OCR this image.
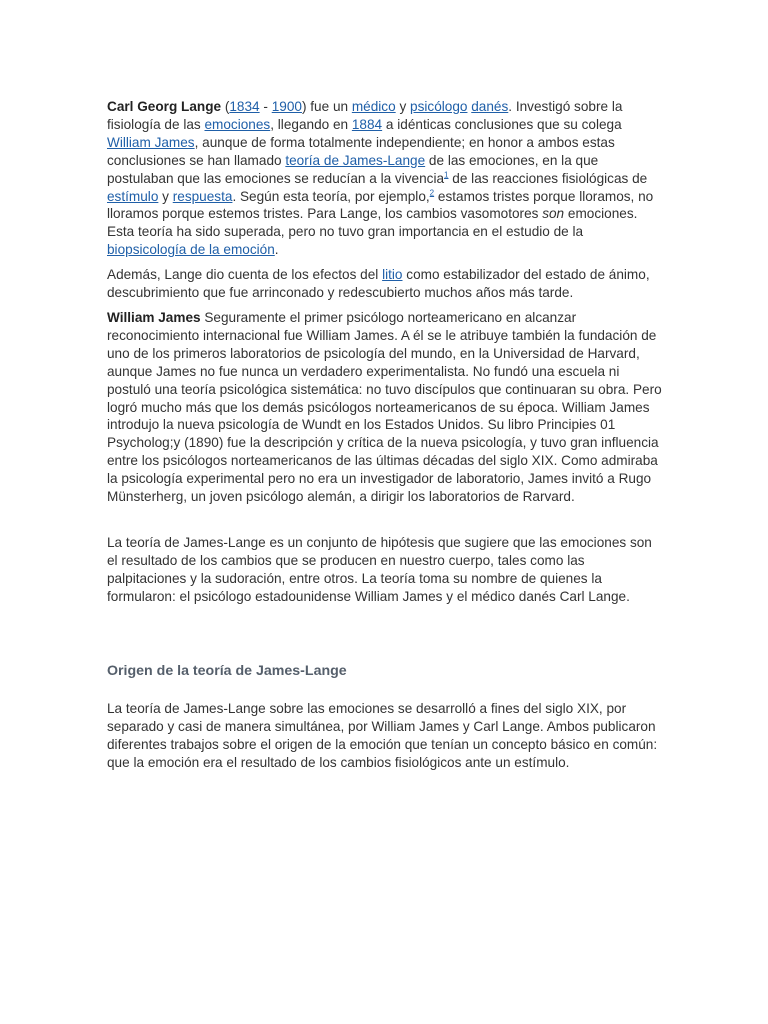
Carl Georg Lange (1834 - 1900) fue un médico y psicólogo danés. Investigó sobre la fisiología de las emociones, llegando en 1884 a idénticas conclusiones que su colega William James, aunque de forma totalmente independiente; en honor a ambos estas conclusiones se han llamado teoría de James-Lange de las emociones, en la que postulaban que las emociones se reducían a la vivencia$^1$ de las reacciones fisiológicas de estímulo y respuesta. Según esta teoría, por ejemplo,$^2$ estamos tristes porque lloramos, no lloramos porque estemos tristes. Para Lange, los cambios vasomotores son emociones. Esta teoría ha sido superada, pero no tuvo gran importancia en el estudio de la biopsicología de la emoción.

Además, Lange dio cuenta de los efectos del litio como estabilizador del estado de ánimo, descubrimiento que fue arrinconado y redescubierto muchos años más tarde.

William James Seguramente el primer psicólogo norteamericano en alcanzar reconocimiento internacional fue William James. A él se le atribuye también la fundación de uno de los primeros laboratorios de psicología del mundo, en la Universidad de Harvard, aunque James no fue nunca un verdadero experimentalista. No fundó una escuela ni postuló una teoría psicológica sistemática: no tuvo discípulos que continuaran su obra. Pero logró mucho más que los demás psicólogos norteamericanos de su época. William James introdujo la nueva psicología de Wundt en los Estados Unidos. Su libro Principies 01 Psycholog;y (1890) fue la descripción y crítica de la nueva psicología, y tuvo gran influencia entre los psicólogos norteamericanos de las últimas décadas del siglo XIX. Como admiraba la psicología experimental pero no era un investigador de laboratorio, James invitó a Rugo Münsterherg, un joven psicólogo alemán, a dirigir los laboratorios de Rarvard.

La teoría de James-Lange es un conjunto de hipótesis que sugiere que las emociones son el resultado de los cambios que se producen en nuestro cuerpo, tales como las palpitaciones y la sudoración, entre otros. La teoría toma su nombre de quienes la formularon: el psicólogo estadounidense William James y el médico danés Carl Lange.

Origen de la teoría de James-Lange

La teoría de James-Lange sobre las emociones se desarrolló a fines del siglo XIX, por separado y casi de manera simultánea, por William James y Carl Lange. Ambos publicaron diferentes trabajos sobre el origen de la emoción que tenían un concepto básico en común: que la emoción era el resultado de los cambios fisiológicos ante un estímulo.
